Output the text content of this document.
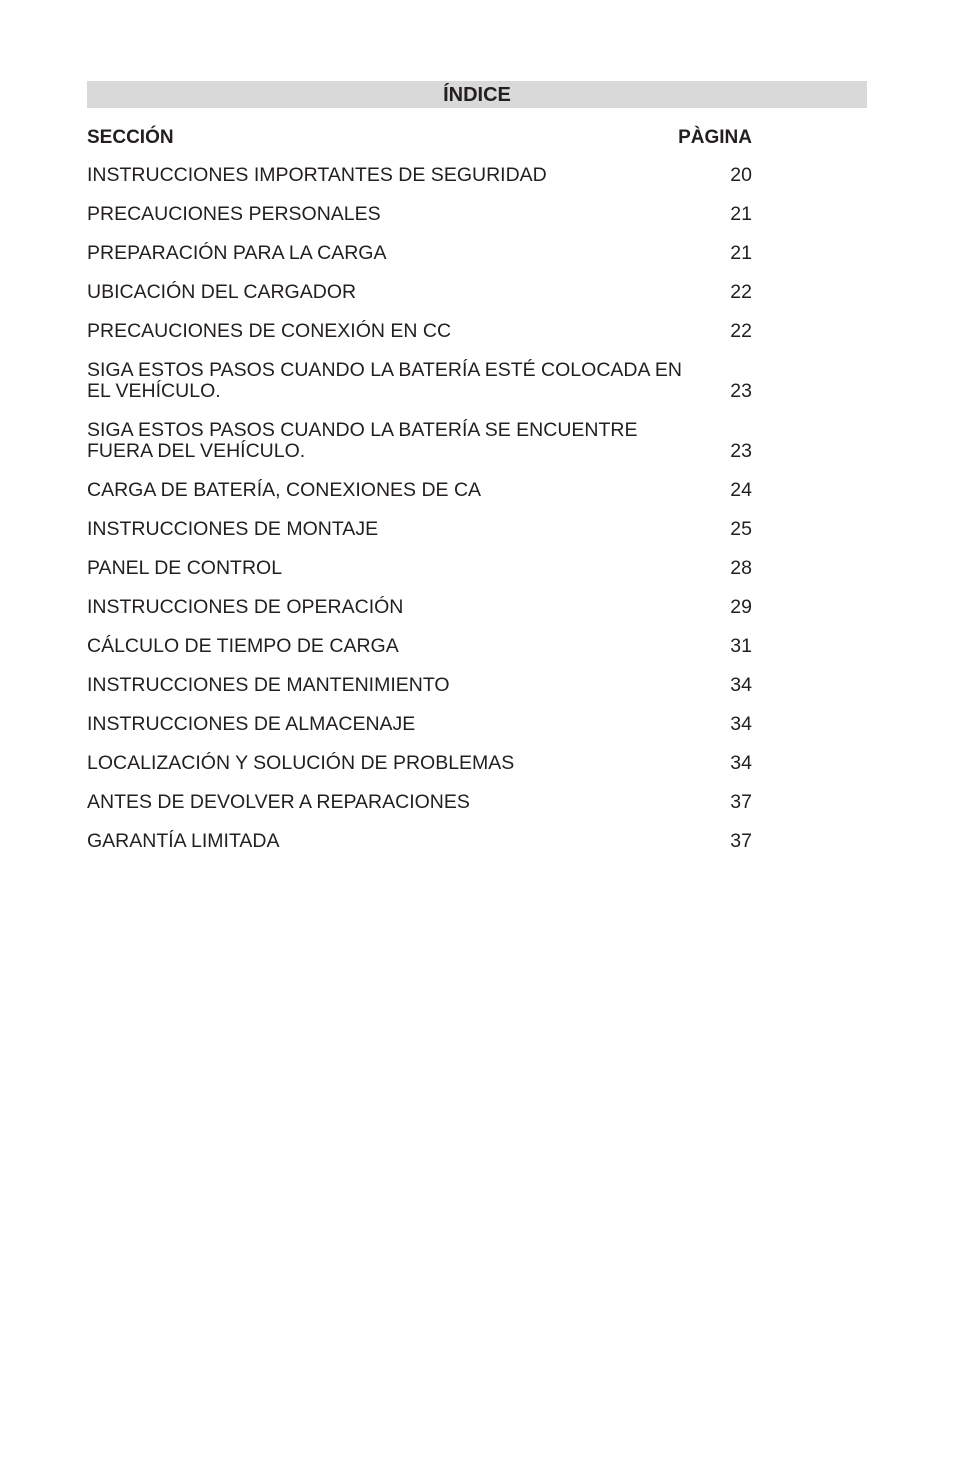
ÍNDICE
SECCIÓN	PÀGINA
INSTRUCCIONES IMPORTANTES DE SEGURIDAD	20
PRECAUCIONES PERSONALES	21
PREPARACIÓN PARA LA CARGA	21
UBICACIÓN DEL CARGADOR	22
PRECAUCIONES DE CONEXIÓN EN CC	22
SIGA ESTOS PASOS CUANDO LA BATERÍA ESTÉ COLOCADA EN EL VEHÍCULO.	23
SIGA ESTOS PASOS CUANDO LA BATERÍA SE ENCUENTRE FUERA DEL VEHÍCULO.	23
CARGA DE BATERÍA, CONEXIONES DE CA	24
INSTRUCCIONES DE MONTAJE	25
PANEL DE CONTROL	28
INSTRUCCIONES DE OPERACIÓN	29
CÁLCULO DE TIEMPO DE CARGA	31
INSTRUCCIONES DE MANTENIMIENTO	34
INSTRUCCIONES DE ALMACENAJE	34
LOCALIZACIÓN Y SOLUCIÓN DE PROBLEMAS	34
ANTES DE DEVOLVER A REPARACIONES	37
GARANTÍA LIMITADA	37
